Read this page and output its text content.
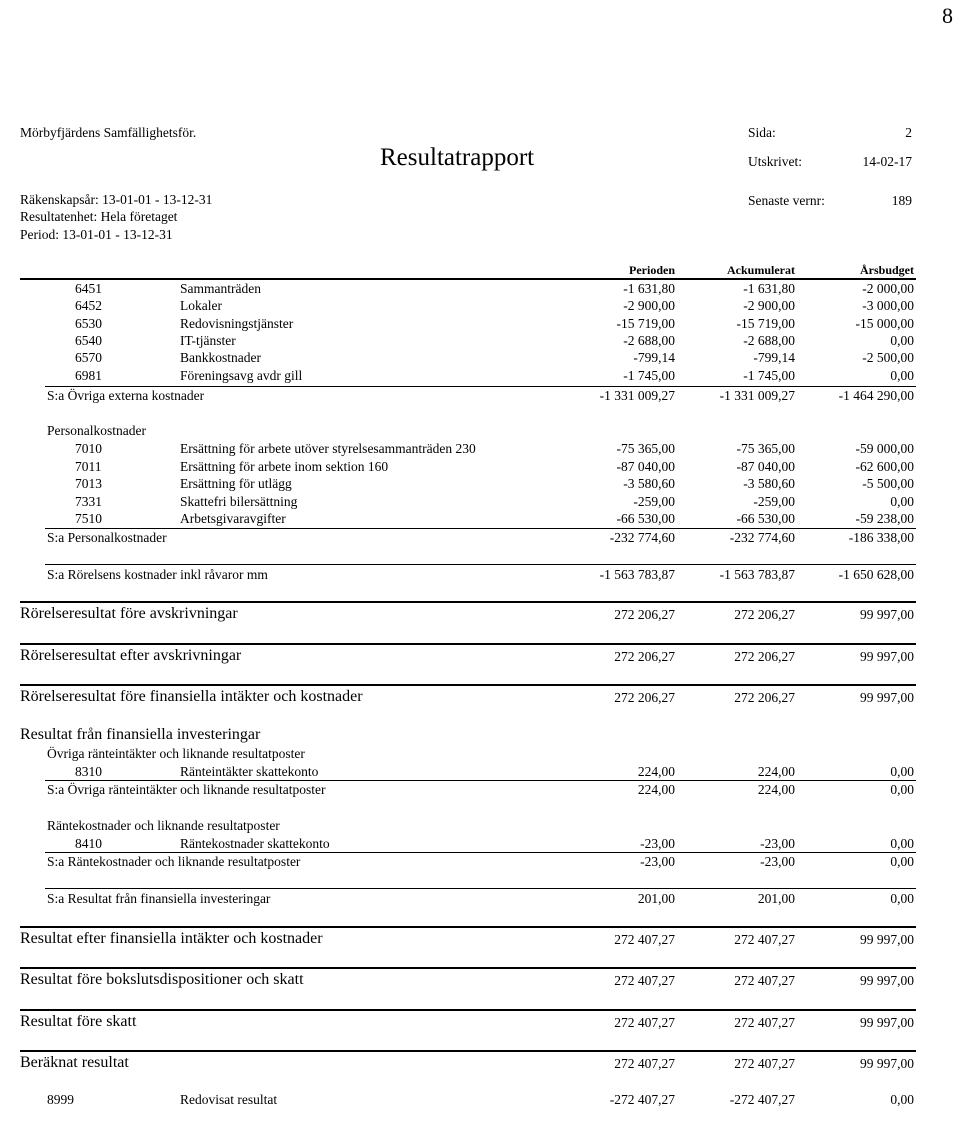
8
Mörbyfjärdens Samfällighetsför.
Resultatrapport
Sida:	2
Utskrivet:	14-02-17
Senaste vernr:	189
Räkenskapsår: 13-01-01 - 13-12-31
Resultatenhet: Hela företaget
Period: 13-01-01 - 13-12-31
Perioden	Ackumulerat	Årsbudget
6451	Sammanträden	-1 631,80	-1 631,80	-2 000,00
6452	Lokaler	-2 900,00	-2 900,00	-3 000,00
6530	Redovisningstjänster	-15 719,00	-15 719,00	-15 000,00
6540	IT-tjänster	-2 688,00	-2 688,00	0,00
6570	Bankkostnader	-799,14	-799,14	-2 500,00
6981	Föreningsavg avdr gill	-1 745,00	-1 745,00	0,00
S:a Övriga externa kostnader	-1 331 009,27	-1 331 009,27	-1 464 290,00
Personalkostnader
7010	Ersättning för arbete utöver styrelsesammanträden 230	-75 365,00	-75 365,00	-59 000,00
7011	Ersättning för arbete inom sektion 160	-87 040,00	-87 040,00	-62 600,00
7013	Ersättning för utlägg	-3 580,60	-3 580,60	-5 500,00
7331	Skattefri bilersättning	-259,00	-259,00	0,00
7510	Arbetsgivaravgifter	-66 530,00	-66 530,00	-59 238,00
S:a Personalkostnader	-232 774,60	-232 774,60	-186 338,00
S:a Rörelsens kostnader inkl råvaror mm	-1 563 783,87	-1 563 783,87	-1 650 628,00
Rörelseresultat före avskrivningar	272 206,27	272 206,27	99 997,00
Rörelseresultat efter avskrivningar	272 206,27	272 206,27	99 997,00
Rörelseresultat före finansiella intäkter och kostnader	272 206,27	272 206,27	99 997,00
Resultat från finansiella investeringar
Övriga ränteintäkter och liknande resultatposter
8310	Ränteintäkter skattekonto	224,00	224,00	0,00
S:a Övriga ränteintäkter och liknande resultatposter	224,00	224,00	0,00
Räntekostnader och liknande resultatposter
8410	Räntekostnader skattekonto	-23,00	-23,00	0,00
S:a Räntekostnader och liknande resultatposter	-23,00	-23,00	0,00
S:a Resultat från finansiella investeringar	201,00	201,00	0,00
Resultat efter finansiella intäkter och kostnader	272 407,27	272 407,27	99 997,00
Resultat före bokslutsdispositioner och skatt	272 407,27	272 407,27	99 997,00
Resultat före skatt	272 407,27	272 407,27	99 997,00
Beräknat resultat	272 407,27	272 407,27	99 997,00
8999	Redovisat resultat	-272 407,27	-272 407,27	0,00
